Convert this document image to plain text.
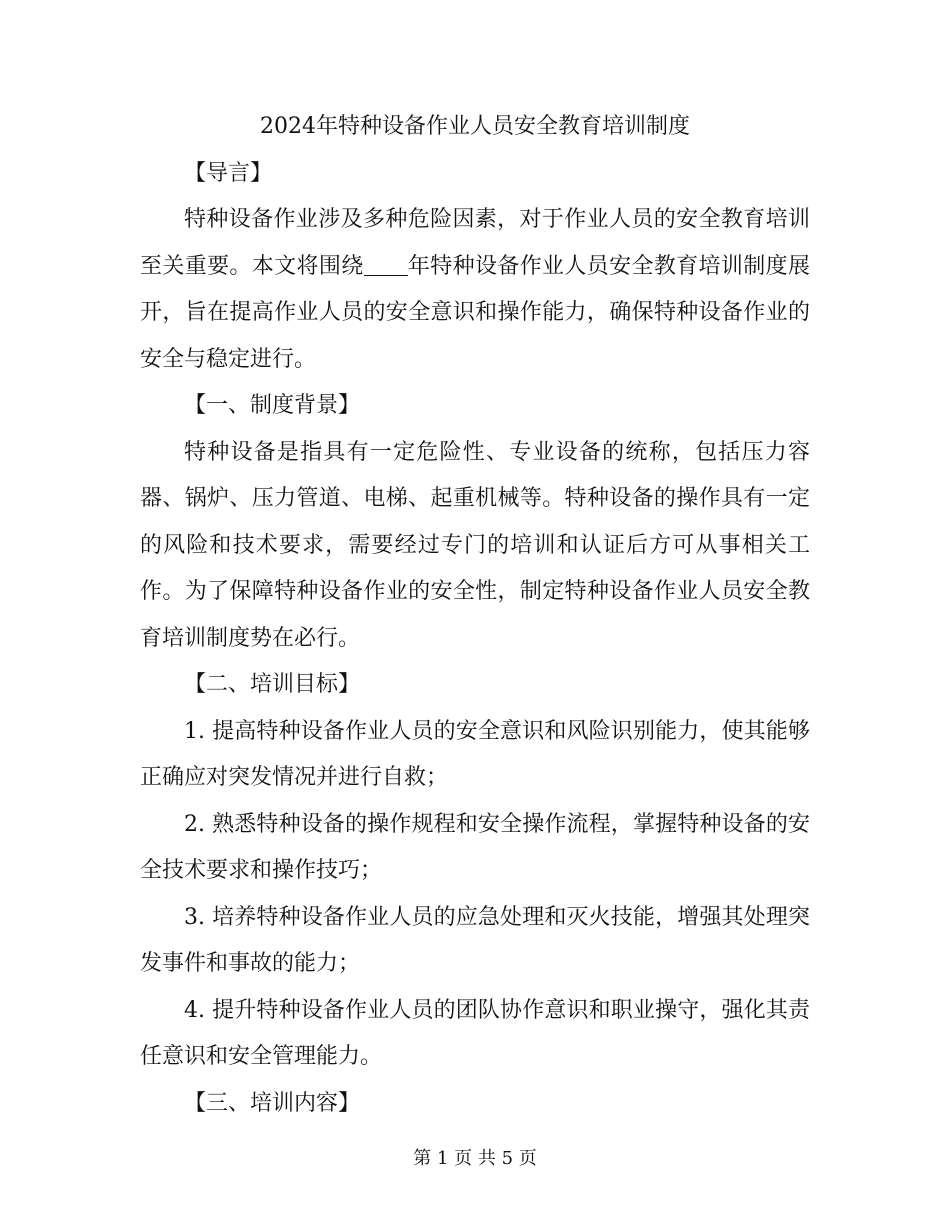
2024年特种设备作业人员安全教育培训制度

【导言】

特种设备作业涉及多种危险因素，对于作业人员的安全教育培训至关重要。本文将围绕 年特种设备作业人员安全教育培训制度展开，旨在提高作业人员的安全意识和操作能力，确保特种设备作业的安全与稳定进行。

【一、制度背景】

特种设备是指具有一定危险性、专业设备的统称，包括压力容器、锅炉、压力管道、电梯、起重机械等。特种设备的操作具有一定的风险和技术要求，需要经过专门的培训和认证后方可从事相关工作。为了保障特种设备作业的安全性，制定特种设备作业人员安全教育培训制度势在必行。

【二、培训目标】

1. 提高特种设备作业人员的安全意识和风险识别能力，使其能够正确应对突发情况并进行自救；

2. 熟悉特种设备的操作规程和安全操作流程，掌握特种设备的安全技术要求和操作技巧；

3. 培养特种设备作业人员的应急处理和灭火技能，增强其处理突发事件和事故的能力；

4. 提升特种设备作业人员的团队协作意识和职业操守，强化其责任意识和安全管理能力。

【三、培训内容】

第 1 页 共 5 页
